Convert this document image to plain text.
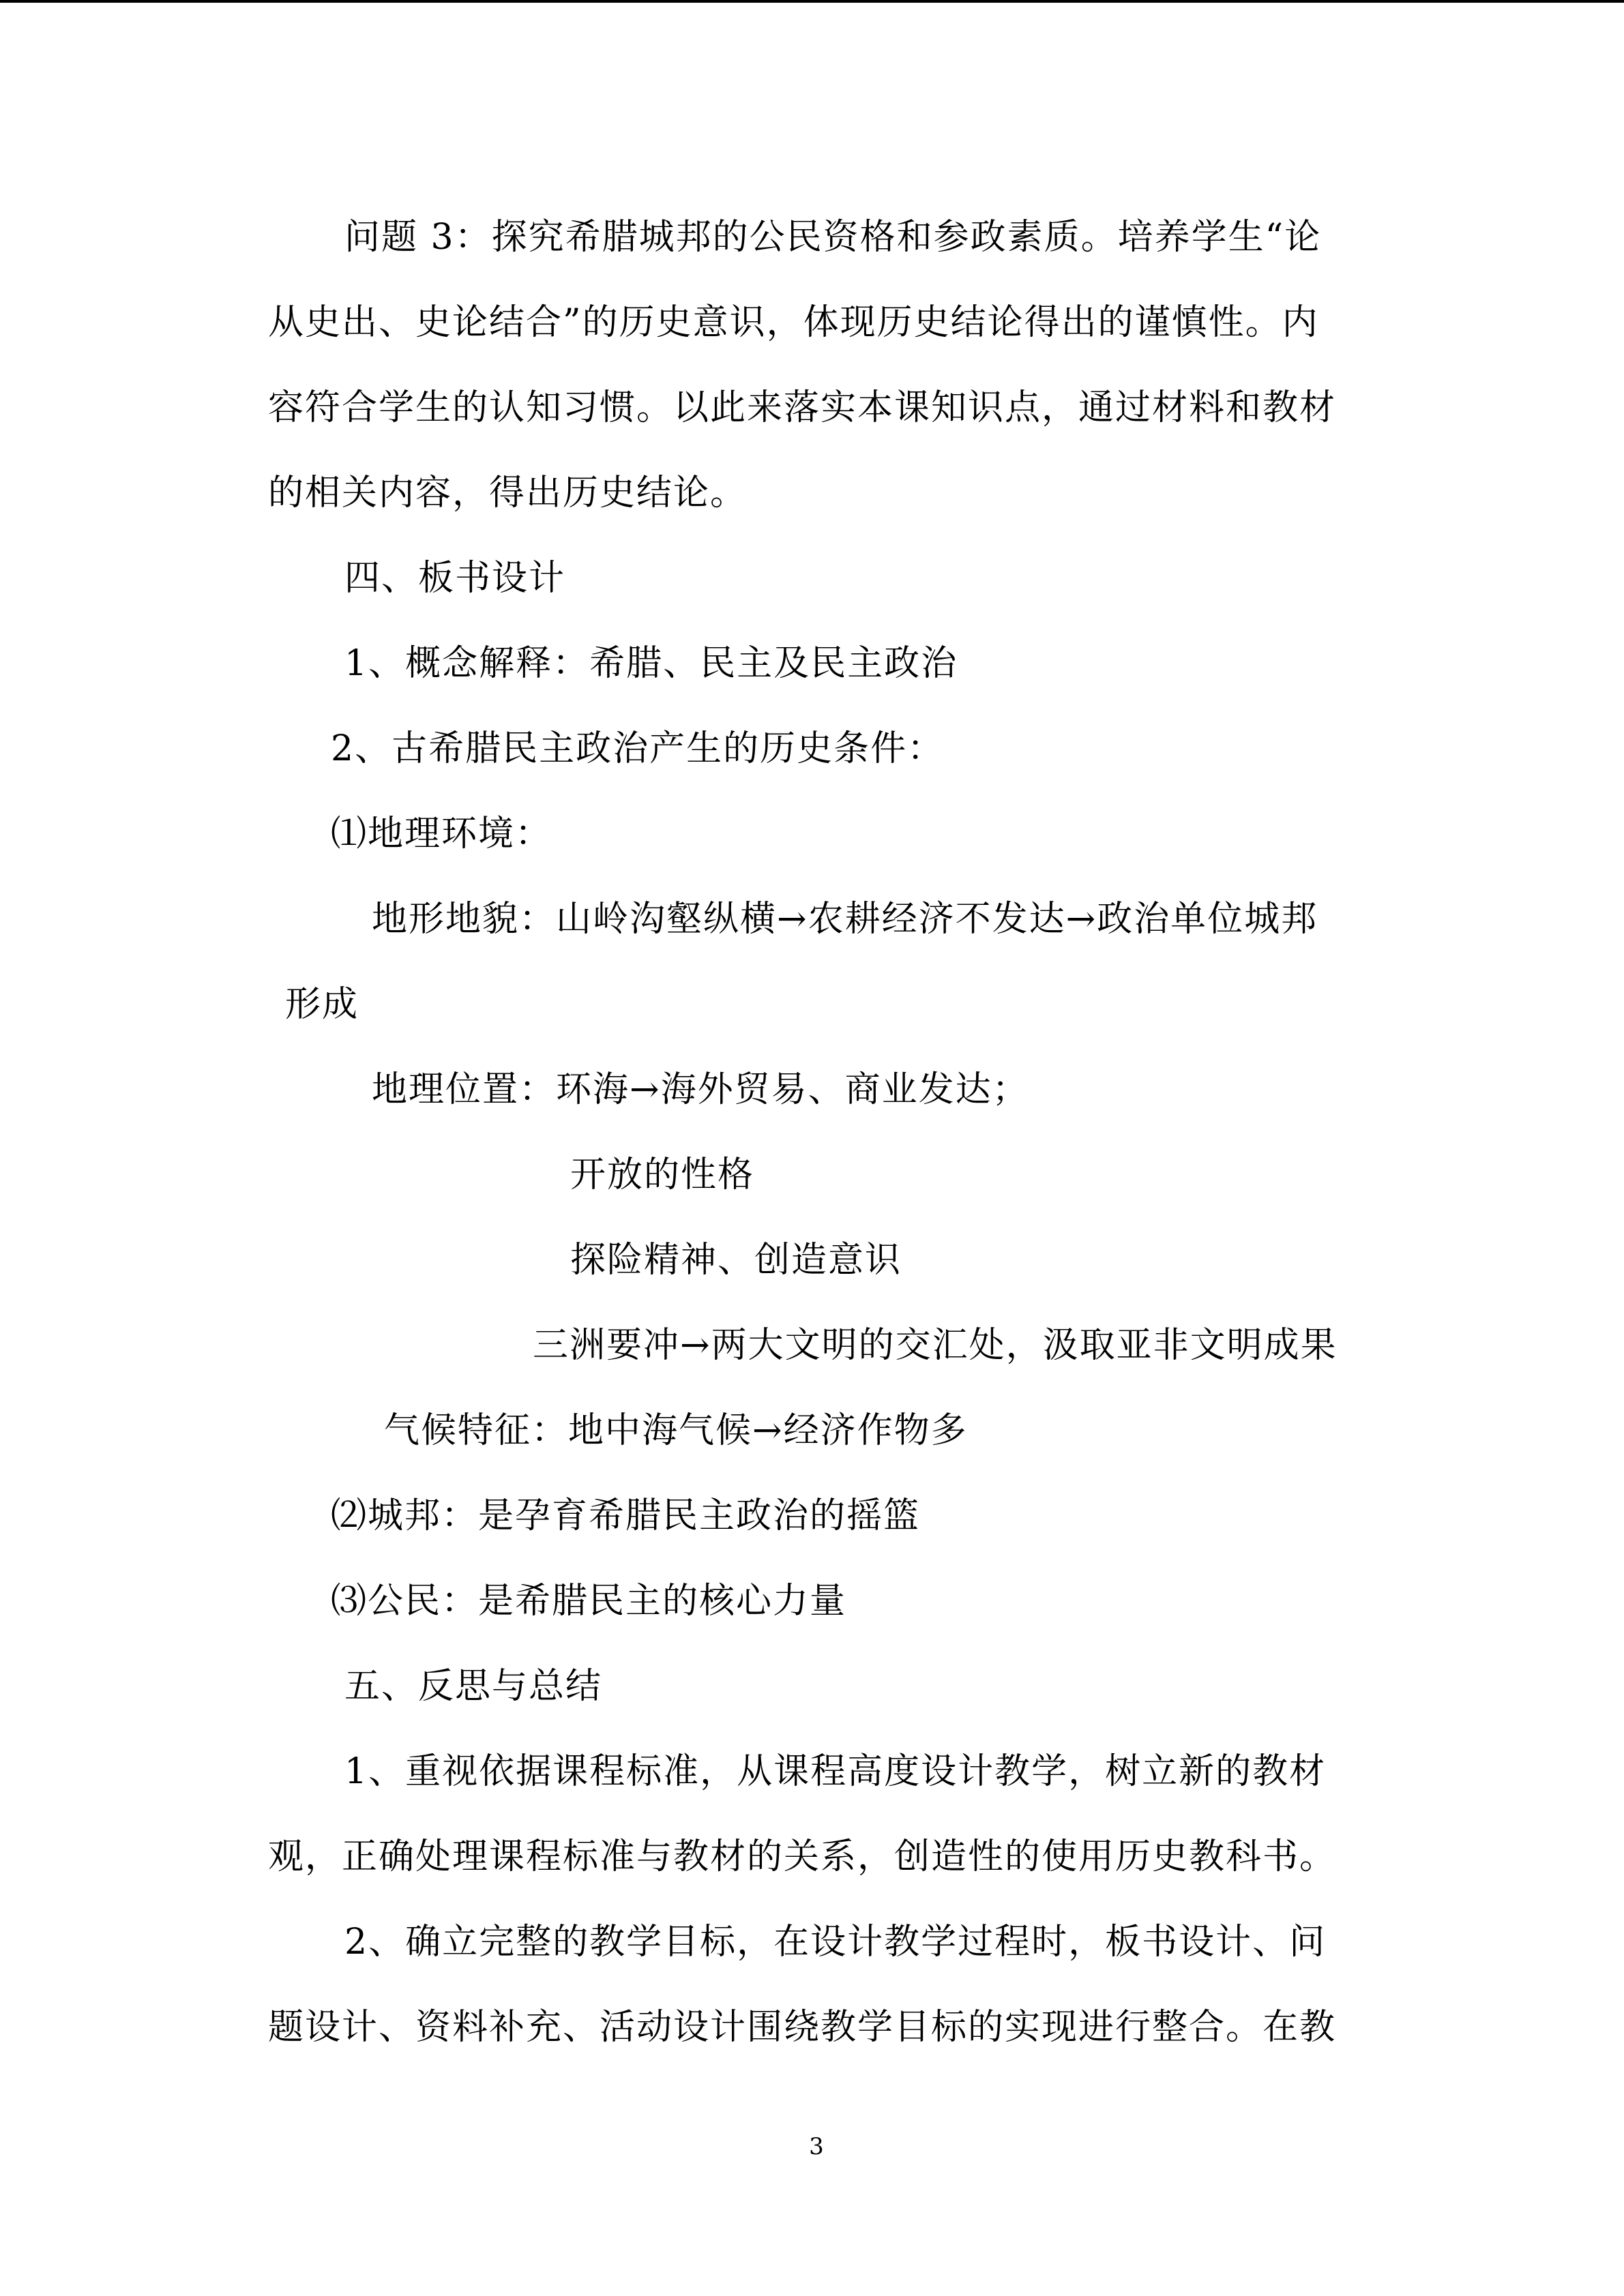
问题 3：探究希腊城邦的公民资格和参政素质。培养学生“论
从史出、史论结合”的历史意识，体现历史结论得出的谨慎性。内
容符合学生的认知习惯。以此来落实本课知识点，通过材料和教材
的相关内容，得出历史结论。
四、板书设计
1、概念解释：希腊、民主及民主政治
2、古希腊民主政治产生的历史条件：
⑴地理环境：
地形地貌：山岭沟壑纵横→农耕经济不发达→政治单位城邦
形成
地理位置：环海→海外贸易、商业发达；
开放的性格
探险精神、创造意识
三洲要冲→两大文明的交汇处，汲取亚非文明成果
气候特征：地中海气候→经济作物多
⑵城邦：是孕育希腊民主政治的摇篮
⑶公民：是希腊民主的核心力量
五、反思与总结
1、重视依据课程标准，从课程高度设计教学，树立新的教材
观，正确处理课程标准与教材的关系，创造性的使用历史教科书。
2、确立完整的教学目标，在设计教学过程时，板书设计、问
题设计、资料补充、活动设计围绕教学目标的实现进行整合。在教
3
